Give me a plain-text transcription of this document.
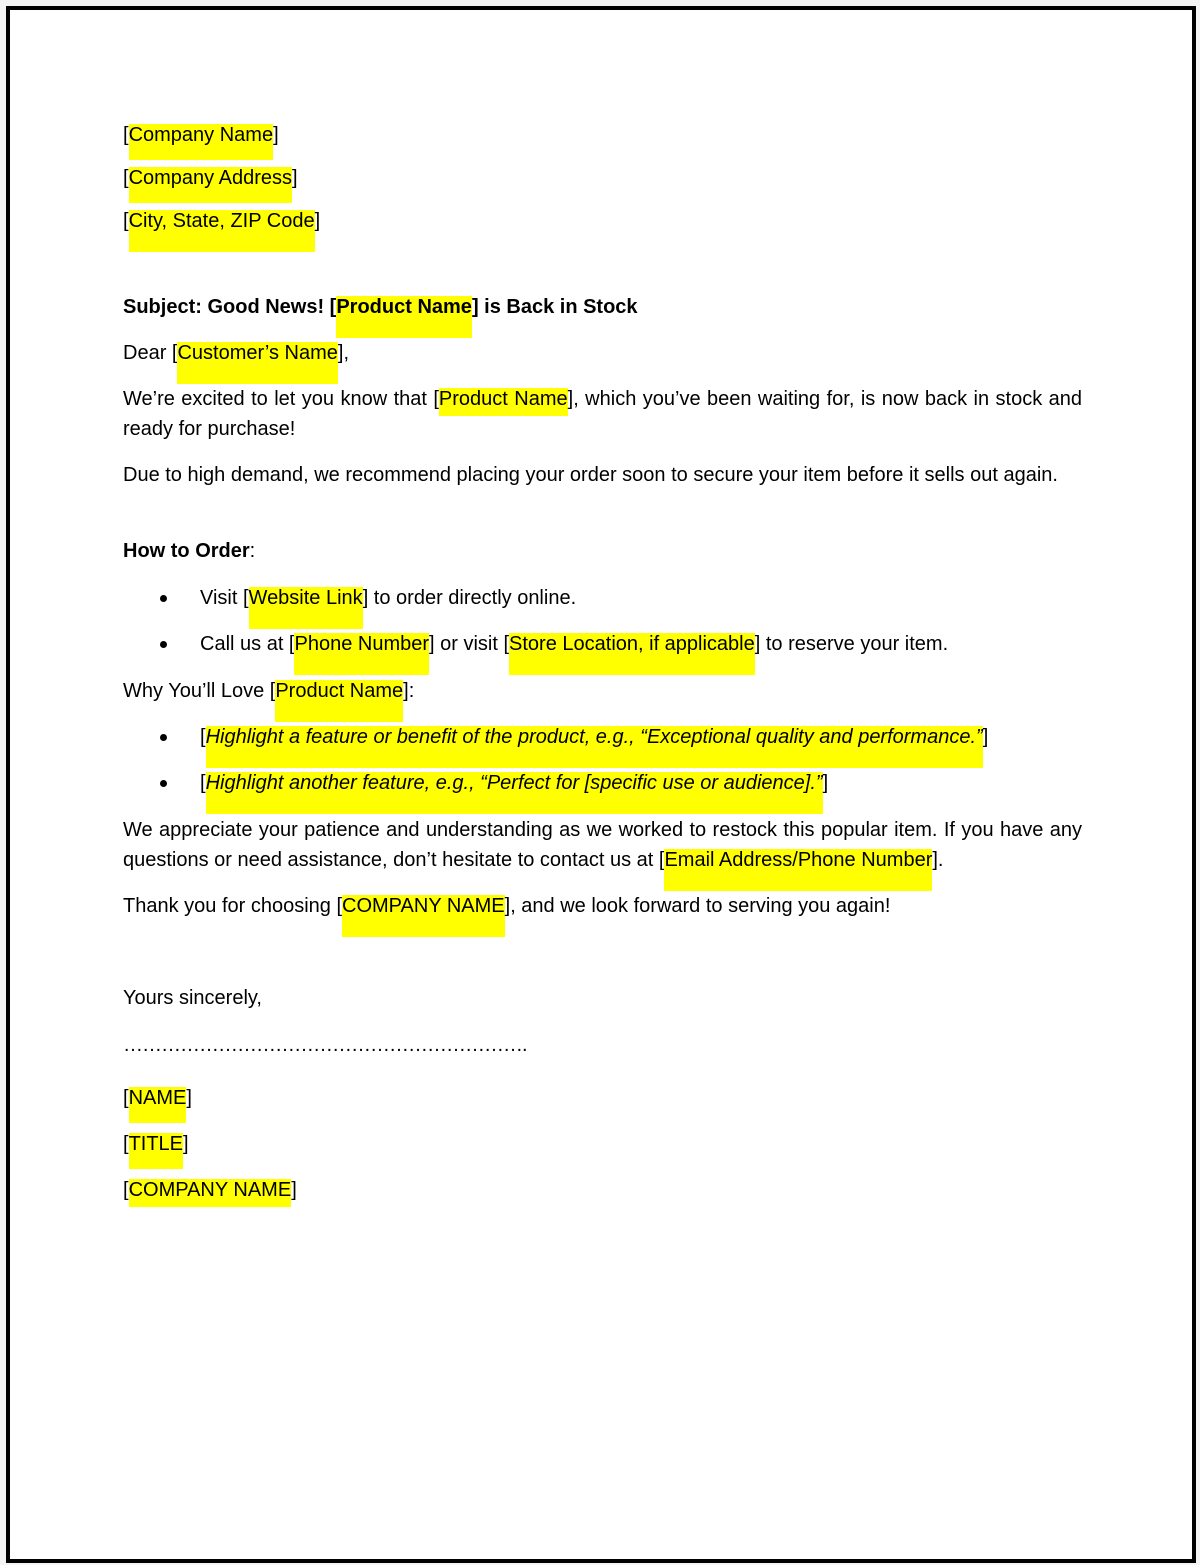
[Company Name]

[Company Address]

[City, State, ZIP Code]

Subject: Good News! [Product Name] is Back in Stock

Dear [Customer’s Name],

We’re excited to let you know that [Product Name], which you’ve been waiting for, is now back in stock and ready for purchase!

Due to high demand, we recommend placing your order soon to secure your item before it sells out again.

How to Order:

Visit [Website Link] to order directly online.
Call us at [Phone Number] or visit [Store Location, if applicable] to reserve your item.

Why You’ll Love [Product Name]:

[Highlight a feature or benefit of the product, e.g., “Exceptional quality and performance.”]
[Highlight another feature, e.g., “Perfect for [specific use or audience].”]

We appreciate your patience and understanding as we worked to restock this popular item. If you have any questions or need assistance, don’t hesitate to contact us at [Email Address/Phone Number].

Thank you for choosing [COMPANY NAME], and we look forward to serving you again!

Yours sincerely,

……………………………………………………….

[NAME]

[TITLE]

[COMPANY NAME]
